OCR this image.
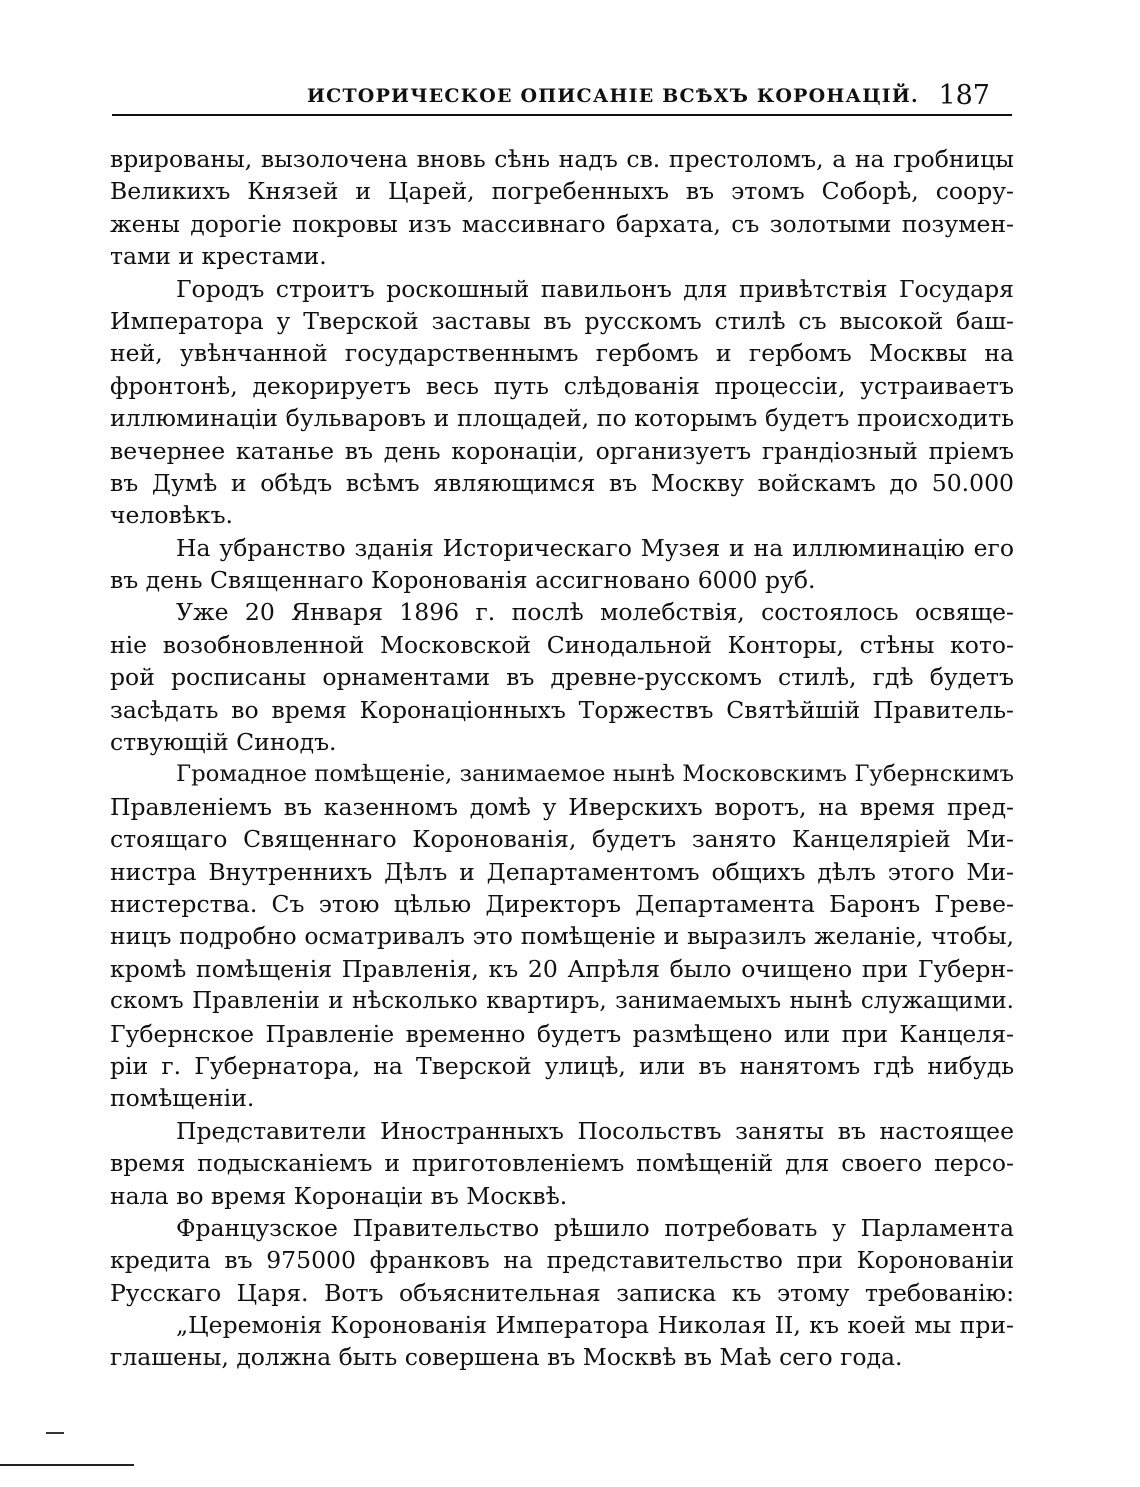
ИСТОРИЧЕСКОЕ ОПИСАНIЕ ВСѢХЪ КОРОНАЦIЙ. 187
врированы, вызолочена вновь сѣнь надъ св. престоломъ, а на гробницы
Великихъ Князей и Царей, погребенныхъ въ этомъ Соборѣ, соору-
жены дорогiе покровы изъ массивнаго бархата, съ золотыми позумен-
тами и крестами.
Городъ строитъ роскошный павильонъ для привѣтствiя Государя
Императора у Тверской заставы въ русскомъ стилѣ съ высокой баш-
ней, увѣнчанной государственнымъ гербомъ и гербомъ Москвы на
фронтонѣ, декорируетъ весь путь слѣдованiя процессiи, устраиваетъ
иллюминацiи бульваровъ и площадей, по которымъ будетъ происходить
вечернее катанье въ день коронацiи, организуетъ грандiозный прiемъ
въ Думѣ и обѣдъ всѣмъ являющимся въ Москву войскамъ до 50.000
человѣкъ.
На убранство зданiя Историческаго Музея и на иллюминацiю его
въ день Священнаго Коронованiя ассигновано 6000 руб.
Уже 20 Января 1896 г. послѣ молебствiя, состоялось освяще-
нiе возобновленной Московской Синодальной Конторы, стѣны кото-
рой росписаны орнаментами въ древне-русскомъ стилѣ, гдѣ будетъ
засѣдать во время Коронацiонныхъ Торжествъ Святѣйшiй Правитель-
ствующiй Синодъ.
Громадное помѣщенiе, занимаемое нынѣ Московскимъ Губернскимъ
Правленiемъ въ казенномъ домѣ у Иверскихъ воротъ, на время пред-
стоящаго Священнаго Коронованiя, будетъ занято Канцелярiей Ми-
нистра Внутреннихъ Дѣлъ и Департаментомъ общихъ дѣлъ этого Ми-
нистерства. Съ этою цѣлью Директоръ Департамента Баронъ Греве-
ницъ подробно осматривалъ это помѣщенiе и выразилъ желанiе, чтобы,
кромѣ помѣщенiя Правленiя, къ 20 Апрѣля было очищено при Губерн-
скомъ Правленiи и нѣсколько квартиръ, занимаемыхъ нынѣ служащими.
Губернское Правленiе временно будетъ размѣщено или при Канцеля-
рiи г. Губернатора, на Тверской улицѣ, или въ нанятомъ гдѣ нибудь
помѣщенiи.
Представители Иностранныхъ Посольствъ заняты въ настоящее
время подысканiемъ и приготовленiемъ помѣщенiй для своего персо-
нала во время Коронацiи въ Москвѣ.
Французское Правительство рѣшило потребовать у Парламента
кредита въ 975000 франковъ на представительство при Коронованiи
Русскаго Царя. Вотъ объяснительная записка къ этому требованiю:
„Церемонiя Коронованiя Императора Николая II, къ коей мы при-
глашены, должна быть совершена въ Москвѣ въ Маѣ сего года.
